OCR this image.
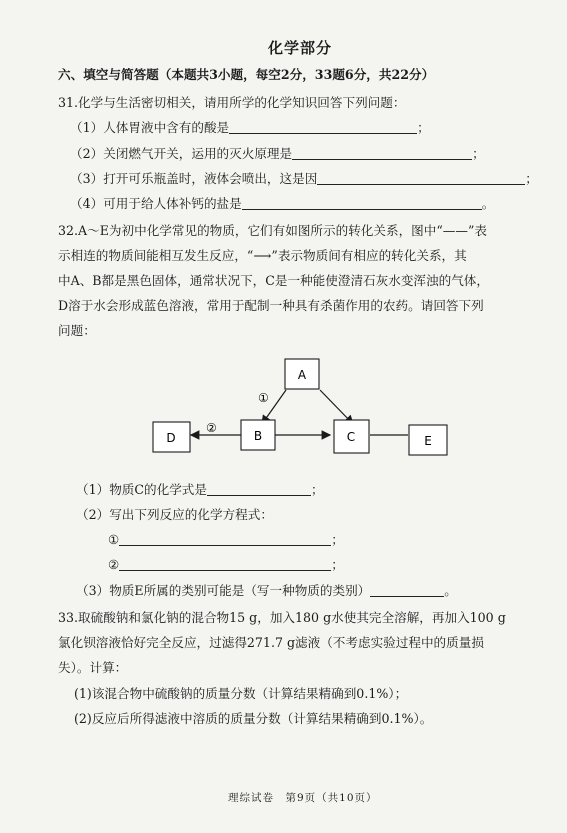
化学部分
六、填空与简答题（本题共3小题，每空2分，33题6分，共22分）
31.化学与生活密切相关，请用所学的化学知识回答下列问题：
（1）人体胃液中含有的酸是	；
（2）关闭燃气开关，运用的灭火原理是	；
（3）打开可乐瓶盖时，液体会喷出，这是因	；
（4）可用于给人体补钙的盐是	。
32.A～E为初中化学常见的物质，它们有如图所示的转化关系，图中“——”表
示相连的物质间能相互发生反应，“⟶”表示物质间有相应的转化关系，其
中A、B都是黑色固体，通常状况下，C是一种能使澄清石灰水变浑浊的气体，
D溶于水会形成蓝色溶液，常用于配制一种具有杀菌作用的农药。请回答下列
问题：
A
B	C
D	E
①
②
（1）物质C的化学式是	；
（2）写出下列反应的化学方程式：
①	；
②	；
（3）物质E所属的类别可能是（写一种物质的类别）	。
33.取硫酸钠和氯化钠的混合物15 g，加入180 g水使其完全溶解，再加入100 g
氯化钡溶液恰好完全反应，过滤得271.7 g滤液（不考虑实验过程中的质量损
失）。计算：
(1)该混合物中硫酸钠的质量分数（计算结果精确到0.1%）；
(2)反应后所得滤液中溶质的质量分数（计算结果精确到0.1%）。
理综试卷　第9页（共10页）
